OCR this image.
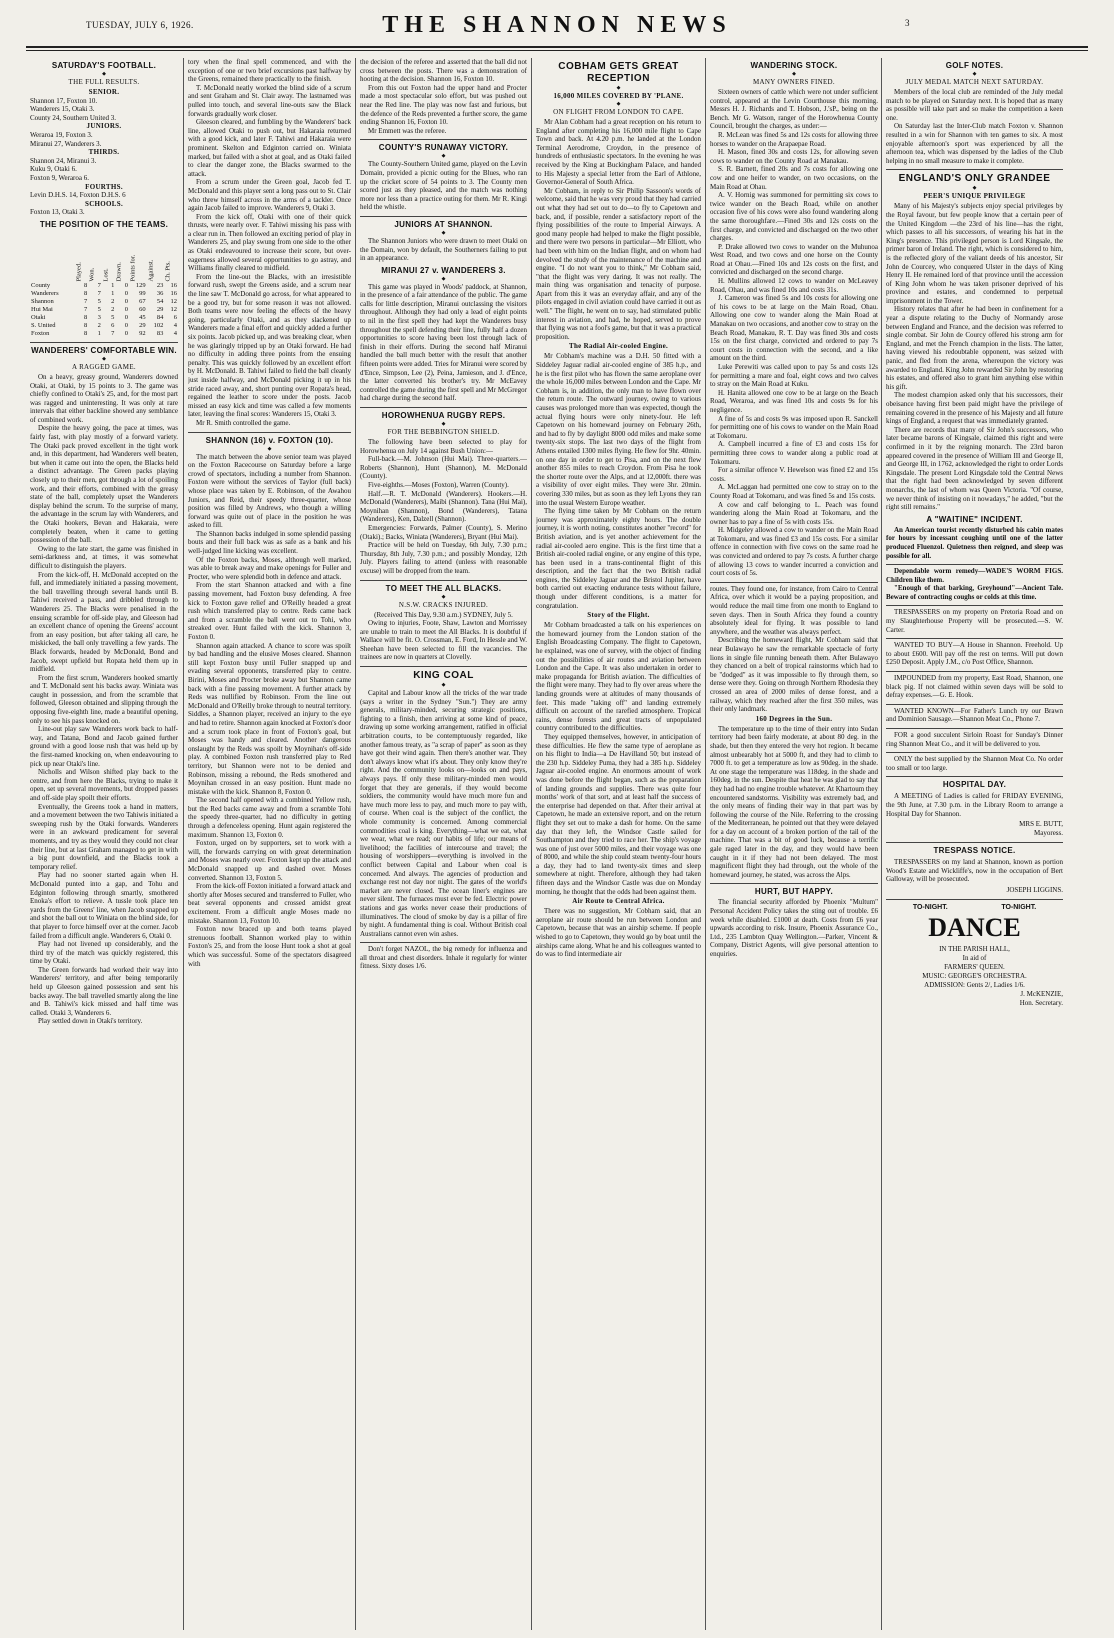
TUESDAY, JULY 6, 1926.	THE SHANNON NEWS	3
SATURDAY'S FOOTBALL.
◆
THE FULL RESULTS.
SENIOR.
Shannon 17, Foxton 10.
Wanderers 15, Otaki 3.
County 24, Southern United 3.
JUNIORS.
Weraroa 19, Foxton 3.
Miranui 27, Wanderers 3.
THIRDS.
Shannon 24, Miranui 3.
Kuku 9, Otaki 6.
Foxton 9, Weraroa 6.
FOURTHS.
Levin D.H.S. 14, Foxton D.H.S. 6
SCHOOLS.
Foxton 13, Otaki 3.
THE POSITION OF THE TEAMS.
	Played.	Won.	Lost.	Drawn.	Points for.	Against.	Ch. Pts.
County	8	7	1	0	129	23	16
Wanderers	8	7	1	0	99	36	16
Shannon	7	5	2	0	67	54	12
Hui Mai	7	5	2	0	60	29	12
Otaki	8	3	5	0	45	84	6
S. United	8	2	6	0	29	102	4
Foxton	8	1	7	0	92	83	4
WANDERERS' COMFORTABLE WIN.
◆
A RAGGED GAME.

On a heavy, greasy ground, Wanderers downed Otaki, at Otaki, by 15 points to 3. The game was chiefly confined to Otaki's 25, and, for the most part was ragged and uninteresting. It was only at rare intervals that either backline showed any semblance of combined work.

Despite the heavy going, the pace at times, was fairly fast, with play mostly of a forward variety. The Otaki pack proved excellent in the tight work and, in this department, had Wanderers well beaten, but when it came out into the open, the Blacks held a distinct advantage. The Green packs playing closely up to their men, got through a lot of spoiling work, and their efforts, combined with the greasy state of the ball, completely upset the Wanderers display behind the scrum. To the surprise of many, the advantage in the scrum lay with Wanderers, and the Otaki hookers, Bevan and Hakaraia, were completely beaten, when it came to getting possession of the ball.

Owing to the late start, the game was finished in semi-darkness and, at times, it was somewhat difficult to distinguish the players.

From the kick-off, H. McDonald accepted on the full, and immediately initiated a passing movement, the ball travelling through several hands until B. Tahiwi received a pass, and dribbled through to Wanderers 25. The Blacks were penalised in the ensuing scramble for off-side play, and Gleeson had an excellent chance of opening the Greens' account from an easy position, but after taking all care, he miskicked, the ball only travelling a few yards. The Black forwards, headed by McDonald, Bond and Jacob, swept upfield but Ropata held them up in midfield.

From the first scrum, Wanderers hooked smartly and T. McDonald sent his backs away. Winiata was caught in possession, and from the scramble that followed, Gleeson obtained and slipping through the opposing five-eighth line, made a beautiful opening, only to see his pass knocked on.

Line-out play saw Wanderers work back to half-way, and Tatana, Bond and Jacob gained further ground with a good loose rush that was held up by the first-named knocking on, when endeavouring to pick up near Otaki's line.

Nicholls and Wilson shifted play back to the centre, and from here the Blacks, trying to make it open, set up several movements, but dropped passes and off-side play spoilt their efforts.

Eventually, the Greens took a hand in matters, and a movement between the two Tahiwis initiated a sweeping rush by the Otaki forwards. Wanderers were in an awkward predicament for several moments, and try as they would they could not clear their line, but at last Graham managed to get in with a big punt downfield, and the Blacks took a temporary relief.

Play had no sooner started again when H. McDonald punted into a gap, and Tohu and Edginton following through smartly, smothered Enoka's effort to relieve. A tussle took place ten yards from the Greens' line, when Jacob snapped up and shot the ball out to Winiata on the blind side, for that player to force himself over at the corner. Jacob failed from a difficult angle. Wanderers 6, Otaki 0.

Play had not livened up considerably, and the third try of the match was quickly registered, this time by Otaki.

The Green forwards had worked their way into Wanderers' territory, and after being temporarily held up Gleeson gained possession and sent his backs away. The ball travelled smartly along the line and B. Tahiwi's kick missed and half time was called. Otaki 3, Wanderers 6.

Play settled down in Otaki's territory.

tory when the final spell commenced, and with the exception of one or two brief excursions past halfway by the Greens, remained there practically to the finish.

T. McDonald neatly worked the blind side of a scrum and sent Graham and St. Clair away. The lastnamed was pulled into touch, and several line-outs saw the Black forwards gradually work closer.

Gleeson cleared, and fumbling by the Wanderers' back line, allowed Otaki to push out, but Hakaraia returned with a good kick, and later F. Tahiwi and Hakaraia were prominent. Skelton and Edginton carried on. Winiata marked, but failed with a shot at goal, and as Otaki failed to clear the danger zone, the Blacks swarmed to the attack.

From a scrum under the Green goal, Jacob fed T. McDonald and this player sent a long pass out to St. Clair who threw himself across in the arms of a tackler. Once again Jacob failed to improve. Wanderers 9, Otaki 3.

From the kick off, Otaki with one of their quick thrusts, were nearly over. F. Tahiwi missing his pass with a clear run in. Then followed an exciting period of play in Wanderers 25, and play swung from one side to the other as Otaki endeavoured to increase their score, but over-eagerness allowed several opportunities to go astray, and Williams finally cleared to midfield.

From the line-out the Blacks, with an irresistible forward rush, swept the Greens aside, and a scrum near the line saw T. McDonald go across, for what appeared to be a good try, but for some reason it was not allowed. Both teams were now feeling the effects of the heavy going, particularly Otaki, and as they slackened up Wanderers made a final effort and quickly added a further six points. Jacob picked up, and was breaking clear, when he was glaringly tripped up by an Otaki forward. He had no difficulty in adding three points from the ensuing penalty. This was quickly followed by an excellent effort by H. McDonald. B. Tahiwi failed to field the ball cleanly just inside halfway, and McDonald picking it up in his stride raced away, and, short punting over Ropata's head, regained the leather to score under the posts. Jacob missed an easy kick and time was called a few moments later, leaving the final scores: Wanderers 15, Otaki 3.

Mr R. Smith controlled the game.

SHANNON (16) v. FOXTON (10).
◆

The match between the above senior team was played on the Foxton Racecourse on Saturday before a large crowd of spectators, including a number from Shannon. Foxton were without the services of Taylor (full back) whose place was taken by E. Robinson, of the Awahou Juniors, and Reid, their speedy three-quarter, whose position was filled by Andrews, who though a willing forward was quite out of place in the position he was asked to fill.

The Shannon backs indulged in some splendid passing bouts and their full back was as safe as a bank and his well-judged line kicking was excellent.

Of the Foxton backs, Moses, although well marked, was able to break away and make openings for Fuller and Procter, who were splendid both in defence and attack.

From the start Shannon attacked and with a fine passing movement, had Foxton busy defending. A free kick to Foxton gave relief and O'Reilly headed a great rush which transferred play to centre. Reds came back and from a scramble the ball went out to Tohi, who streaked over. Hunt failed with the kick. Shannon 3, Foxton 0.

Shannon again attacked. A chance to score was spoilt by bad handling and the elusive Moses cleared. Shannon still kept Foxton busy until Fuller snapped up and evading several opponents, transferred play to centre. Birini, Moses and Procter broke away but Shannon came back with a fine passing movement. A further attack by Reds was nullified by Robinson. From the line out McDonald and O'Reilly broke through to neutral territory. Siddles, a Shannon player, received an injury to the eye and had to retire. Shannon again knocked at Foxton's door and a scrum took place in front of Foxton's goal, but Moses was handy and cleared. Another dangerous onslaught by the Reds was spoilt by Moynihan's off-side play. A combined Foxton rush transferred play to Red territory, but Shannon were not to be denied and Robinson, missing a rebound, the Reds smothered and Moynihan crossed in an easy position. Hunt made no mistake with the kick. Shannon 8, Foxton 0.

The second half opened with a combined Yellow rush, but the Red backs came away and from a scramble Tohi the speedy three-quarter, had no difficulty in getting through a defenceless opening. Hunt again registered the maximum. Shannon 13, Foxton 0.

Foxton, urged on by supporters, set to work with a will, the forwards carrying on with great determination and Moses was nearly over. Foxton kept up the attack and McDonald snapped up and dashed over. Moses converted. Shannon 13, Foxton 5.

From the kick-off Foxton initiated a forward attack and shortly after Moses secured and transferred to Fuller, who beat several opponents and crossed amidst great excitement. From a difficult angle Moses made no mistake. Shannon 13, Foxton 10.

Foxton now braced up and both teams played strenuous football. Shannon worked play to within Foxton's 25, and from the loose Hunt took a shot at goal which was successful. Some of the spectators disagreed with

the decision of the referee and asserted that the ball did not cross between the posts. There was a demonstration of hooting at the decision. Shannon 16, Foxton 10.

From this out Foxton had the upper hand and Procter made a most spectacular solo effort, but was pushed out near the Red line. The play was now fast and furious, but the defence of the Reds prevented a further score, the game ending Shannon 16, Foxton 10.

Mr Emmett was the referee.

COUNTY'S RUNAWAY VICTORY.
◆

The County-Southern United game, played on the Levin Domain, provided a picnic outing for the Blues, who ran up the cricket score of 54 points to 3. The County men scored just as they pleased, and the match was nothing more nor less than a practice outing for them. Mr R. Kingi held the whistle.

JUNIORS AT SHANNON.
◆

The Shannon Juniors who were drawn to meet Otaki on the Domain, won by default, the Southerners failing to put in an appearance.

MIRANUI 27 v. WANDERERS 3.
◆

This game was played in Woods' paddock, at Shannon, in the presence of a fair attendance of the public. The game calls for little description, Miranui outclassing the visitors throughout. Although they had only a lead of eight points to nil in the first spell they had kept the Wanderers busy throughout the spell defending their line, fully half a dozen opportunities to score having been lost through lack of finish in their efforts. During the second half Miranui handled the ball much better with the result that another fifteen points were added. Tries for Miranui were scored by d'Ence, Simpson, Lee (2), Peina, Jamieson, and J. d'Ence, the latter converted his brother's try. Mr McEavey controlled the game during the first spell and Mr McGregor had charge during the second half.

HOROWHENUA RUGBY REPS.
◆
FOR THE BEBBINGTON SHIELD.

The following have been selected to play for Horowhenua on July 14 against Bush Union:—

Full-back.—M. Johnson (Hui Mai). Three-quarters.—Roberts (Shannon), Hunt (Shannon), M. McDonald (County).

Five-eighths.—Moses (Foxton), Warren (County).

Half.—R. T. McDonald (Wanderers). Hookers.—H. McDonald (Wanderers), Maibi (Shannon). Tana (Hui Mai), Moynihan (Shannon), Bond (Wanderers), Tatana (Wanderers), Ken, Dalzell (Shannon).

Emergencies: Forwards, Palmer (County), S. Merino (Otaki).; Backs, Winiata (Wanderers), Bryant (Hui Mai).

Practice will be held on Tuesday, 6th July, 7.30 p.m.; Thursday, 8th July, 7.30 p.m.; and possibly Monday, 12th July. Players failing to attend (unless with reasonable excuse) will be dropped from the team.

TO MEET THE ALL BLACKS.
◆
N.S.W. CRACKS INJURED.

(Received This Day, 9.30 a.m.) SYDNEY, July 5.

Owing to injuries, Foote, Shaw, Lawton and Morrissey are unable to train to meet the All Blacks. It is doubtful if Wallace will be fit. O. Crossman, E. Ford, In Hessle and W. Sheehan have been selected to fill the vacancies. The trainees are now in quarters at Clovelly.

KING COAL
◆

Capital and Labour know all the tricks of the war trade (says a writer in the Sydney "Sun.") They are army generals, military-minded, securing strategic positions, fighting to a finish, then arriving at some kind of peace, drawing up some working arrangement, ratified in official arbitration courts, to be contemptuously regarded, like another famous treaty, as "a scrap of paper" as soon as they have got their wind again. Then there's another war. They don't always know what it's about. They only know they're right. And the community looks on—looks on and pays, always pays. If only these military-minded men would forget that they are generals, if they would become soldiers, the community would have much more fun and have much more less to pay, and much more to pay with, of course. When coal is the subject of the conflict, the whole community is concerned. Among commercial commodities coal is king. Everything—what we eat, what we wear, what we read; our habits of life; our means of livelihood; the facilities of intercourse and travel; the housing of worshippers—everything is involved in the conflict between Capital and Labour when coal is concerned. And always. The agencies of production and exchange rest not day nor night. The gates of the world's market are never closed. The ocean liner's engines are never silent. The furnaces must ever be fed. Electric power stations and gas works never cease their productions of illuminatives. The cloud of smoke by day is a pillar of fire by night. A fundamental thing is coal. Without British coal Australians cannot even win ashes.

Don't forget NAZOL, the big remedy for influenza and all throat and chest disorders. Inhale it regularly for winter fitness. Sixty doses 1/6.

COBHAM GETS GREAT RECEPTION
◆
16,000 MILES COVERED BY 'PLANE.
◆
ON FLIGHT FROM LONDON TO CAPE.

Mr Alan Cobham had a great reception on his return to England after completing his 16,000 mile flight to Cape Town and back. At 4.20 p.m. he landed at the London Terminal Aerodrome, Croydon, in the presence of hundreds of enthusiastic spectators. In the evening he was received by the King at Buckingham Palace, and handed to His Majesty a special letter from the Earl of Athlone, Governor-General of South Africa.

Mr Cobham, in reply to Sir Philip Sassoon's words of welcome, said that he was very proud that they had carried out what they had set out to do—to fly to Capetown and back, and, if possible, render a satisfactory report of the flying possibilities of the route to Imperial Airways. A good many people had helped to make the flight possible, and there were two persons in particular—Mr Elliott, who had been with him on the Indian flight, and on whom had devolved the study of the maintenance of the machine and engine. "I do not want you to think," Mr Cobham said, "that the flight was very daring. It was not really. The main thing was organisation and tenacity of purpose. Apart from this it was an everyday affair, and any of the pilots engaged in civil aviation could have carried it out as well." The flight, he went on to say, had stimulated public interest in aviation, and had, he hoped, served to prove that flying was not a fool's game, but that it was a practical proposition.

The Radial Air-cooled Engine.

Mr Cobham's machine was a D.H. 50 fitted with a Siddeley Jaguar radial air-cooled engine of 385 h.p., and he is the first pilot who has flown the same aeroplane over the whole 16,000 miles between London and the Cape. Mr Cobham is, in addition, the only man to have flown over the return route. The outward journey, owing to various causes was prolonged more than was expected, though the actual flying hours were only ninety-four. He left Capetown on his homeward journey on February 26th, and had to fly by daylight 8000 odd miles and make some twenty-six stops. The last two days of the flight from Athens entailed 1300 miles flying. He flew for 9hr. 40min. on one day in order to get to Pisa, and on the next flew another 855 miles to reach Croydon. From Pisa he took the shorter route over the Alps, and at 12,000ft. there was a visibility of over eight miles. They were 3hr. 20min. covering 330 miles, but as soon as they left Lyons they ran into the usual Western Europe weather.

The flying time taken by Mr Cobham on the return journey was approximately eighty hours. The double journey, it is worth noting, constitutes another "record" for British aviation, and is yet another achievement for the radial air-cooled aero engine. This is the first time that a British air-cooled radial engine, or any engine of this type, has been used in a trans-continental flight of this description, and the fact that the two British radial engines, the Siddeley Jaguar and the Bristol Jupiter, have both carried out exacting endurance tests without failure, though under different conditions, is a matter for congratulation.

Story of the Flight.

Mr Cobham broadcasted a talk on his experiences on the homeward journey from the London station of the English Broadcasting Company. The flight to Capetown, he explained, was one of survey, with the object of finding out the possibilities of air routes and aviation between London and the Cape. It was also undertaken in order to make propaganda for British aviation. The difficulties of the flight were many. They had to fly over areas where the landing grounds were at altitudes of many thousands of feet. This made "taking off" and landing extremely difficult on account of the rarefied atmosphere. Tropical rains, dense forests and great tracts of unpopulated country contributed to the difficulties.

They equipped themselves, however, in anticipation of these difficulties. He flew the same type of aeroplane as on his flight to India—a De Havilland 50; but instead of the 230 h.p. Siddeley Puma, they had a 385 h.p. Siddeley Jaguar air-cooled engine. An enormous amount of work was done before the flight began, such as the preparation of landing grounds and supplies. There was quite four months' work of that sort, and at least half the success of the enterprise had depended on that. After their arrival at Capetown, he made an extensive report, and on the return flight they set out to make a dash for home. On the same day that they left, the Windsor Castle sailed for Southampton and they tried to race her. The ship's voyage was one of just over 5000 miles, and their voyage was one of 8000, and while the ship could steam twenty-four hours a day, they had to land twenty-six times and sleep somewhere at night. Therefore, although they had taken fifteen days and the Windsor Castle was due on Monday morning, he thought that the odds had been against them.

Air Route to Central Africa.

There was no suggestion, Mr Cobham said, that an aeroplane air route should be run between London and Capetown, because that was an airship scheme. If people wished to go to Capetown, they would go by boat until the airships came along. What he and his colleagues wanted to do was to find intermediate air

WANDERING STOCK.
◆
MANY OWNERS FINED.

Sixteen owners of cattle which were not under sufficient control, appeared at the Levin Courthouse this morning. Messrs H. J. Richards and T. Hobson, J.'sP., being on the Bench. Mr G. Watson, ranger of the Horowhenua County Council, brought the charges, as under:—

R. McLean was fined 5s and 12s costs for allowing three horses to wander on the Arapaepae Road.

H. Mason, fined 30s and costs 12s, for allowing seven cows to wander on the County Road at Manakau.

S. R. Barnett, fined 20s and 7s costs for allowing one cow and one heifer to wander, on two occasions, on the Main Road at Ohau.

A. V. Hornig was summoned for permitting six cows to twice wander on the Beach Road, while on another occasion five of his cows were also found wandering along the same thoroughfare.—Fined 30s and 12s costs on the first charge, and convicted and discharged on the two other charges.

P. Drake allowed two cows to wander on the Muhunoa West Road, and two cows and one horse on the County Road at Ohau.—Fined 10s and 12s costs on the first, and convicted and discharged on the second charge.

H. Mullins allowed 12 cows to wander on McLeavey Road, Ohau, and was fined 10s and costs 31s.

J. Cameron was fined 5s and 10s costs for allowing one of his cows to be at large on the Main Road, Ohau. Allowing one cow to wander along the Main Road at Manakau on two occasions, and another cow to stray on the Beach Road, Manakau, R. T. Day was fined 30s and costs 15s on the first charge, convicted and ordered to pay 7s court costs in connection with the second, and a like amount on the third.

Luke Perewiti was called upon to pay 5s and costs 12s for permitting a mare and foal, eight cows and two calves to stray on the Main Road at Kuku.

H. Hanita allowed one cow to be at large on the Beach Road, Weraroa, and was fined 10s and costs 9s for his negligence.

A fine of 5s and costs 9s was imposed upon R. Sanckell for permitting one of his cows to wander on the Main Road at Tokomaru.

A. Campbell incurred a fine of £3 and costs 15s for permitting three cows to wander along a public road at Tokomaru.

For a similar offence V. Hewelson was fined £2 and 15s costs.

A. McLaggan had permitted one cow to stray on to the County Road at Tokomaru, and was fined 5s and 15s costs.

A cow and calf belonging to L. Peach was found wandering along the Main Road at Tokomaru, and the owner has to pay a fine of 5s with costs 15s.

H. Midgeley allowed a cow to wander on the Main Road at Tokomaru, and was fined £3 and 15s costs. For a similar offence in connection with five cows on the same road he was convicted and ordered to pay 7s costs. A further charge of allowing 13 cows to wander incurred a conviction and court costs of 5s.

routes. They found one, for instance, from Cairo to Central Africa, over which it would be a paying proposition, and would reduce the mail time from one month to England to seven days. Then in South Africa they found a country absolutely ideal for flying. It was possible to land anywhere, and the weather was always perfect.

Describing the homeward flight, Mr Cobham said that near Bulawayo he saw the remarkable spectacle of forty lions in single file running beneath them. After Bulawayo they chanced on a belt of tropical rainstorms which had to be "dodged" as it was impossible to fly through them, so dense were they. Going on through Northern Rhodesia they crossed an area of 2000 miles of dense forest, and a railway, which they reached after the first 350 miles, was their only landmark.

160 Degrees in the Sun.

The temperature up to the time of their entry into Sudan territory had been fairly moderate, at about 80 deg. in the shade, but then they entered the very hot region. It became almost unbearably hot at 5000 ft, and they had to climb to 7000 ft. to get a temperature as low as 90deg. in the shade. At one stage the temperature was 118deg. in the shade and 160deg. in the sun. Despite that heat he was glad to say that they had had no engine trouble whatever. At Khartoum they encountered sandstorms. Visibility was extremely bad, and the only means of finding their way in that part was by following the course of the Nile. Referring to the crossing of the Mediterranean, he pointed out that they were delayed for a day on account of a broken portion of the tail of the machine. That was a bit of good luck, because a terrific gale raged later in the day, and they would have been caught in it if they had not been delayed. The most magnificent flight they had through, out the whole of the homeward journey, he stated, was across the Alps.

HURT, BUT HAPPY.

The financial security afforded by Phoenix "Multum" Personal Accident Policy takes the sting out of trouble. £6 week while disabled. £1000 at death. Costs from £6 year upwards according to risk. Insure, Phoenix Assurance Co., Ltd., 235 Lambton Quay Wellington.—Parker, Vincent & Company, District Agents, will give personal attention to enquiries.

GOLF NOTES.
◆
JULY MEDAL MATCH NEXT SATURDAY.

Members of the local club are reminded of the July medal match to be played on Saturday next. It is hoped that as many as possible will take part and so make the competition a keen one.

On Saturday last the Inter-Club match Foxton v. Shannon resulted in a win for Shannon with ten games to six. A most enjoyable afternoon's sport was experienced by all the afternoon tea, which was dispensed by the ladies of the Club helping in no small measure to make it complete.

ENGLAND'S ONLY GRANDEE
◆
PEER'S UNIQUE PRIVILEGE

Many of his Majesty's subjects enjoy special privileges by the Royal favour, but few people know that a certain peer of the United Kingdom —the 23rd of his line—has the right, which passes to all his successors, of wearing his hat in the King's presence. This privileged person is Lord Kingsale, the primer baron of Ireland. The right, which is considered to him, is the reflected glory of the valiant deeds of his ancestor, Sir John de Courcey, who conquered Ulster in the days of King Henry II. He remained lord of that province until the accession of King John whom he was taken prisoner deprived of his province and estates, and condemned to perpetual imprisonment in the Tower.

History relates that after he had been in confinement for a year a dispute relating to the Duchy of Normandy arose between England and France, and the decision was referred to single combat. Sir John de Courcy offered his strong arm for England, and met the French champion in the lists. The latter, having viewed his redoubtable opponent, was seized with panic, and fled from the arena, whereupon the victory was awarded to England. King John rewarded Sir John by restoring his estates, and offered also to grant him anything else within his gift.

The modest champion asked only that his successors, their obeisance having first been paid might have the privilege of remaining covered in the presence of his Majesty and all future kings of England, a request that was immediately granted.

There are records that many of Sir John's successors, who later became barons of Kingsale, claimed this right and were confirmed in it by the reigning monarch. The 23rd baron appeared covered in the presence of William III and George II, and George III, in 1762, acknowledged the right to order Lords Kingsdale. The present Lord Kingsdale told the Central News that the right had been acknowledged by seven different monarchs, the last of whom was Queen Victoria. "Of course, we never think of insisting on it nowadays," he added, "but the right still remains."

A "WAITINE" INCIDENT.

An American tourist recently disturbed his cabin mates for hours by incessant coughing until one of the latter produced Fluenzol. Quietness then reigned, and sleep was possible for all.

Dependable worm remedy—WADE'S WORM FIGS. Children like them.

"Enough of that barking, Greyhound"—Ancient Tale. Beware of contracting coughs or colds at this time.

TRESPASSERS on my property on Pretoria Road and on my Slaughterhouse Property will be prosecuted.—S. W. Carter.

WANTED TO BUY—A House in Shannon. Freehold. Up to about £600. Will pay off the rest on terms. Will put down £250 Deposit. Apply J.M., c/o Post Office, Shannon.

IMPOUNDED from my property, East Road, Shannon, one black pig. If not claimed within seven days will be sold to defray expenses.—G. E. Hook.

WANTED KNOWN—For Father's Lunch try our Brawn and Dominion Sausage.—Shannon Meat Co., Phone 7.

FOR a good succulent Sirloin Roast for Sunday's Dinner ring Shannon Meat Co., and it will be delivered to you.

ONLY the best supplied by the Shannon Meat Co. No order too small or too large.

HOSPITAL DAY.

A MEETING of Ladies is called for FRIDAY EVENING, the 9th June, at 7.30 p.m. in the Library Room to arrange a Hospital Day for Shannon.

MRS E. BUTT,
Mayoress.
TRESPASS NOTICE.

TRESPASSERS on my land at Shannon, known as portion Wood's Estate and Wickliffe's, now in the occupation of Bert Galloway, will be prosecuted.

JOSEPH LIGGINS.
TO-NIGHT.	TO-NIGHT.
DANCE
IN THE PARISH HALL,
In aid of
FARMERS' QUEEN.
MUSIC: GEORGE'S ORCHESTRA.
ADMISSION: Gents 2/, Ladies 1/6.
J. McKENZIE,
Hon. Secretary.
